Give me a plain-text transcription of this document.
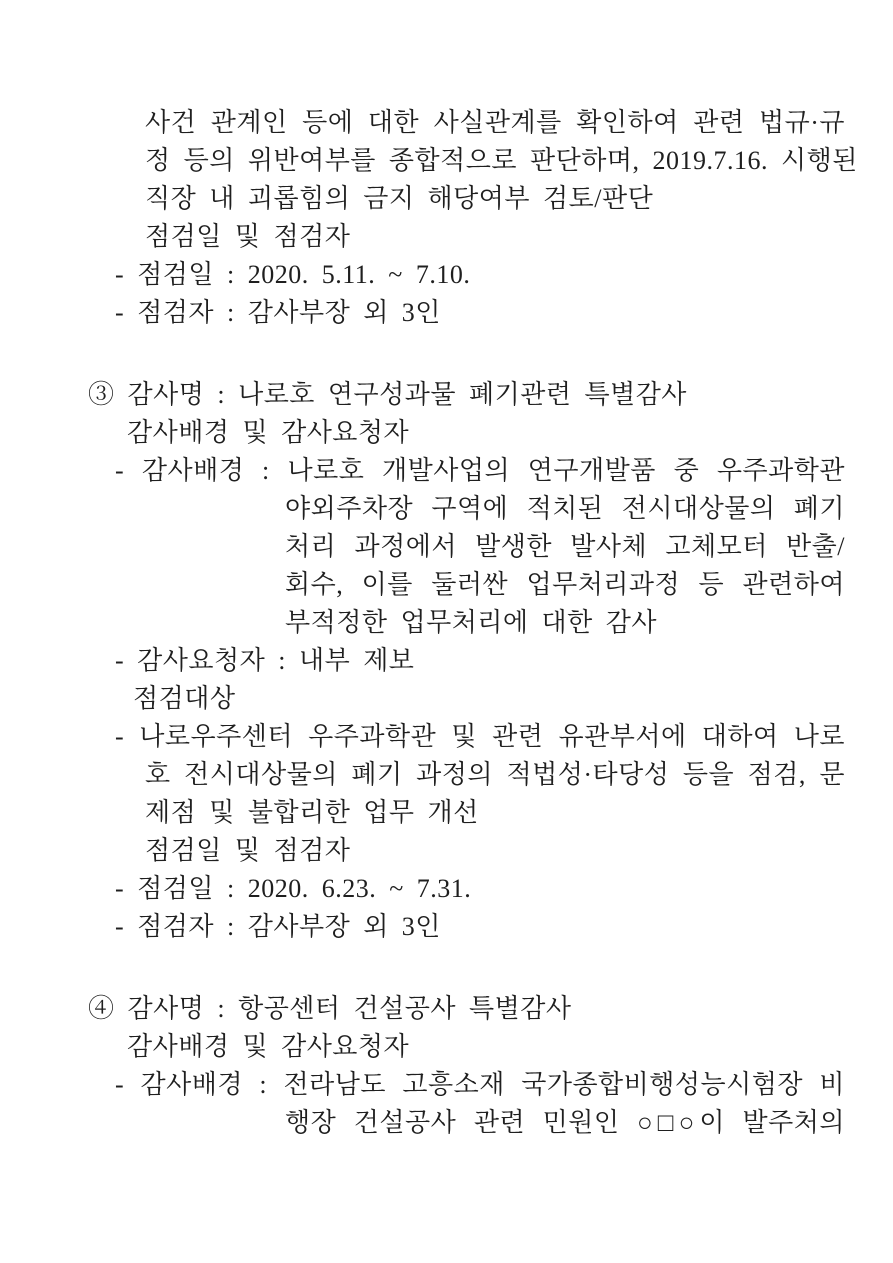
사건 관계인 등에 대한 사실관계를 확인하여 관련 법규·규
정 등의 위반여부를 종합적으로 판단하며, 2019.7.16. 시행된
직장 내 괴롭힘의 금지 해당여부 검토/판단
점검일 및 점검자
- 점검일 : 2020. 5.11. ~ 7.10.
- 점검자 : 감사부장 외 3인
③ 감사명 : 나로호 연구성과물 폐기관련 특별감사
감사배경 및 감사요청자
- 감사배경 : 나로호 개발사업의 연구개발품 중 우주과학관
야외주차장 구역에 적치된 전시대상물의 폐기
처리 과정에서 발생한 발사체 고체모터 반출/
회수, 이를 둘러싼 업무처리과정 등 관련하여
부적정한 업무처리에 대한 감사
- 감사요청자 : 내부 제보
점검대상
- 나로우주센터 우주과학관 및 관련 유관부서에 대하여 나로
호 전시대상물의 폐기 과정의 적법성·타당성 등을 점검, 문
제점 및 불합리한 업무 개선
점검일 및 점검자
- 점검일 : 2020. 6.23. ~ 7.31.
- 점검자 : 감사부장 외 3인
④ 감사명 : 항공센터 건설공사 특별감사
감사배경 및 감사요청자
- 감사배경 : 전라남도 고흥소재 국가종합비행성능시험장 비
행장 건설공사 관련 민원인 ○□○이 발주처의
